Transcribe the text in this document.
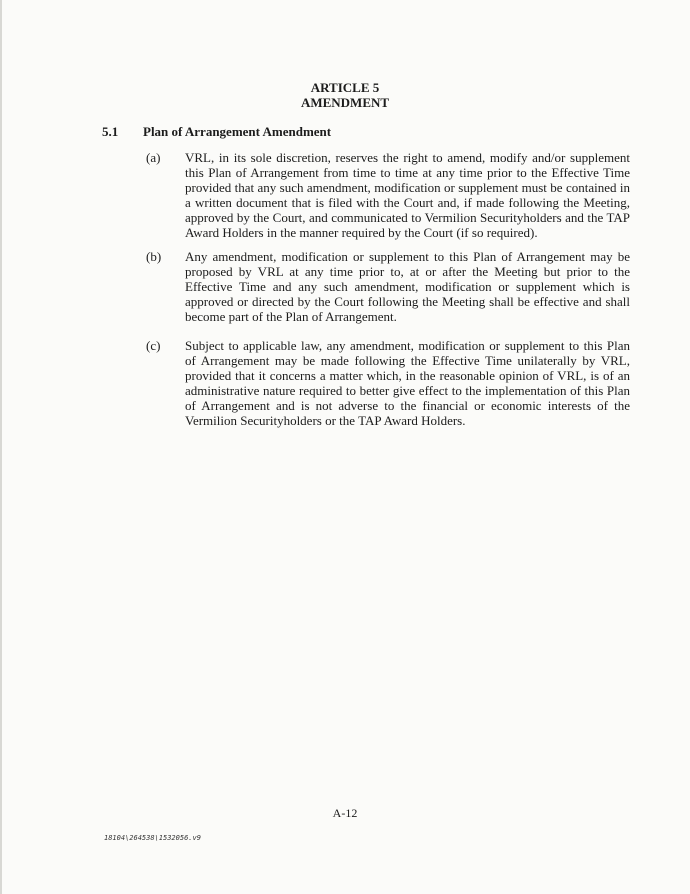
ARTICLE 5
AMENDMENT
5.1 Plan of Arrangement Amendment
(a) VRL, in its sole discretion, reserves the right to amend, modify and/or supplement this Plan of Arrangement from time to time at any time prior to the Effective Time provided that any such amendment, modification or supplement must be contained in a written document that is filed with the Court and, if made following the Meeting, approved by the Court, and communicated to Vermilion Securityholders and the TAP Award Holders in the manner required by the Court (if so required).

(b) Any amendment, modification or supplement to this Plan of Arrangement may be proposed by VRL at any time prior to, at or after the Meeting but prior to the Effective Time and any such amendment, modification or supplement which is approved or directed by the Court following the Meeting shall be effective and shall become part of the Plan of Arrangement.

(c) Subject to applicable law, any amendment, modification or supplement to this Plan of Arrangement may be made following the Effective Time unilaterally by VRL, provided that it concerns a matter which, in the reasonable opinion of VRL, is of an administrative nature required to better give effect to the implementation of this Plan of Arrangement and is not adverse to the financial or economic interests of the Vermilion Securityholders or the TAP Award Holders.

A-12
18104\264538\1532056.v9
